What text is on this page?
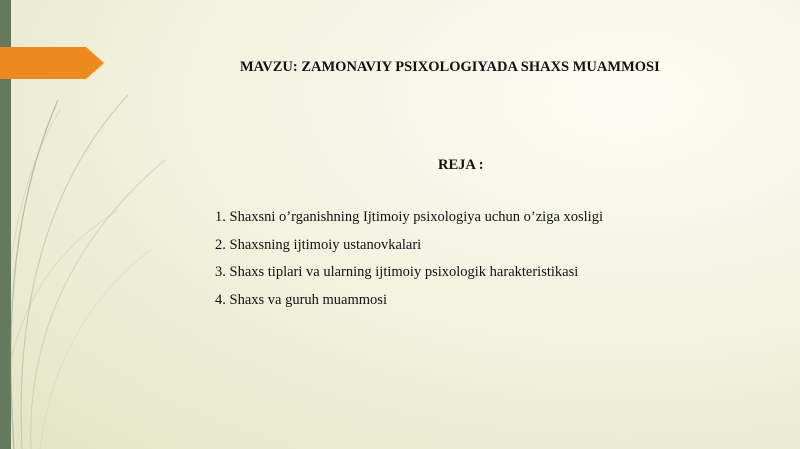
MAVZU: ZAMONAVIY PSIXOLOGIYADA SHAXS MUAMMOSI
REJA :
1. Shaxsni o’rganishning Ijtimoiy psixologiya uchun o’ziga xosligi
2. Shaxsning ijtimoiy ustanovkalari
3. Shaxs tiplari va ularning ijtimoiy psixologik harakteristikasi
4. Shaxs va guruh muammosi
